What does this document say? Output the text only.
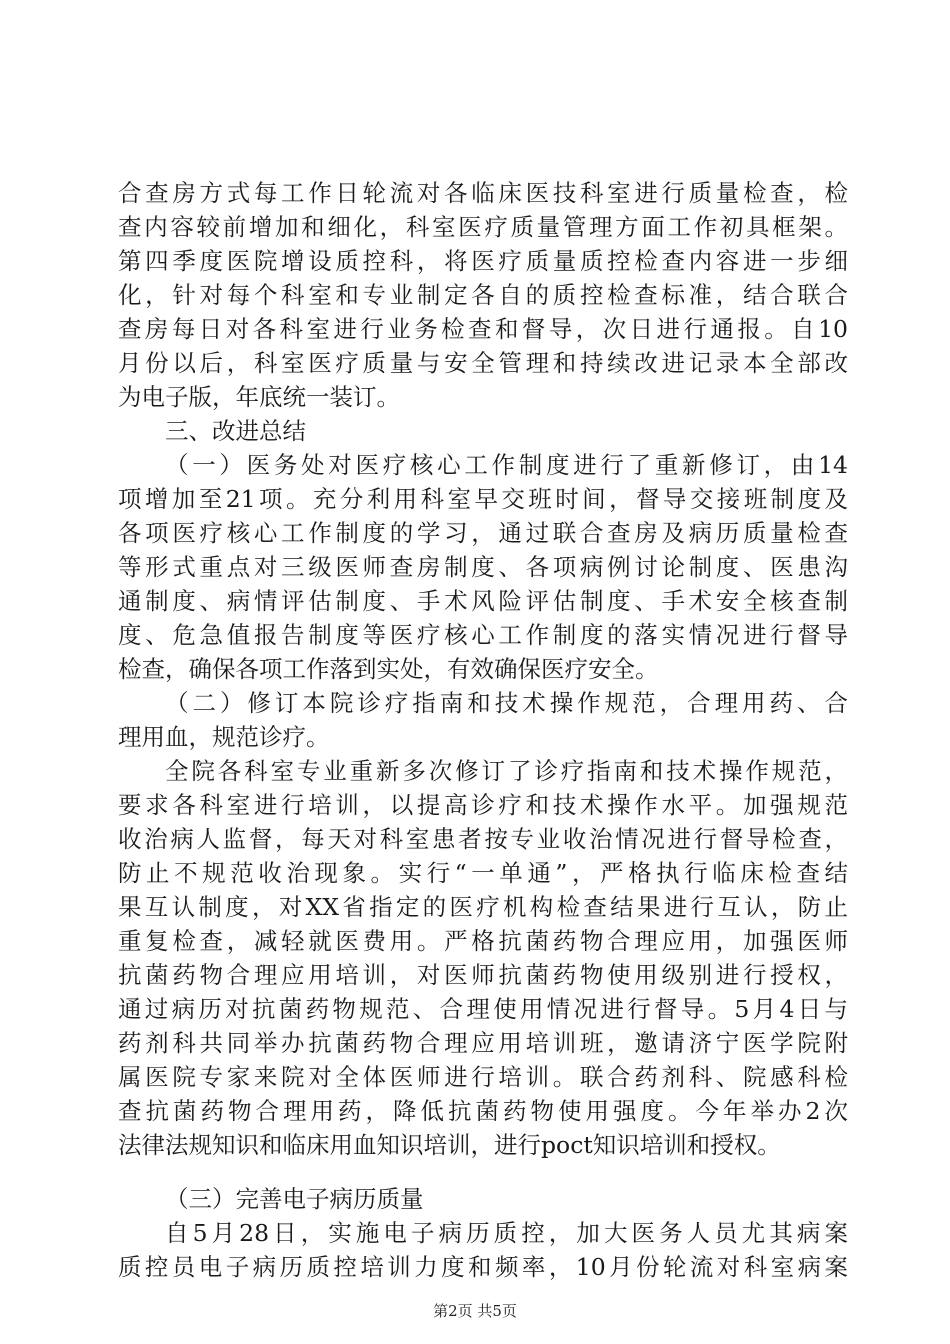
合查房方式每工作日轮流对各临床医技科室进行质量检查，检
查内容较前增加和细化，科室医疗质量管理方面工作初具框架。
第四季度医院增设质控科，将医疗质量质控检查内容进一步细
化，针对每个科室和专业制定各自的质控检查标准，结合联合
查房每日对各科室进行业务检查和督导，次日进行通报。自10
月份以后，科室医疗质量与安全管理和持续改进记录本全部改
为电子版，年底统一装订。
三、改进总结
（一）医务处对医疗核心工作制度进行了重新修订，由14
项增加至21项。充分利用科室早交班时间，督导交接班制度及
各项医疗核心工作制度的学习，通过联合查房及病历质量检查
等形式重点对三级医师查房制度、各项病例讨论制度、医患沟
通制度、病情评估制度、手术风险评估制度、手术安全核查制
度、危急值报告制度等医疗核心工作制度的落实情况进行督导
检查，确保各项工作落到实处，有效确保医疗安全。
（二）修订本院诊疗指南和技术操作规范，合理用药、合
理用血，规范诊疗。
全院各科室专业重新多次修订了诊疗指南和技术操作规范，
要求各科室进行培训，以提高诊疗和技术操作水平。加强规范
收治病人监督，每天对科室患者按专业收治情况进行督导检查，
防止不规范收治现象。实行“一单通”，严格执行临床检查结
果互认制度，对XX省指定的医疗机构检查结果进行互认，防止
重复检查，减轻就医费用。严格抗菌药物合理应用，加强医师
抗菌药物合理应用培训，对医师抗菌药物使用级别进行授权，
通过病历对抗菌药物规范、合理使用情况进行督导。5月4日与
药剂科共同举办抗菌药物合理应用培训班，邀请济宁医学院附
属医院专家来院对全体医师进行培训。联合药剂科、院感科检
查抗菌药物合理用药，降低抗菌药物使用强度。今年举办2次
法律法规知识和临床用血知识培训，进行poct知识培训和授权。
（三）完善电子病历质量
自5月28日，实施电子病历质控，加大医务人员尤其病案
质控员电子病历质控培训力度和频率，10月份轮流对科室病案
第2页 共5页
